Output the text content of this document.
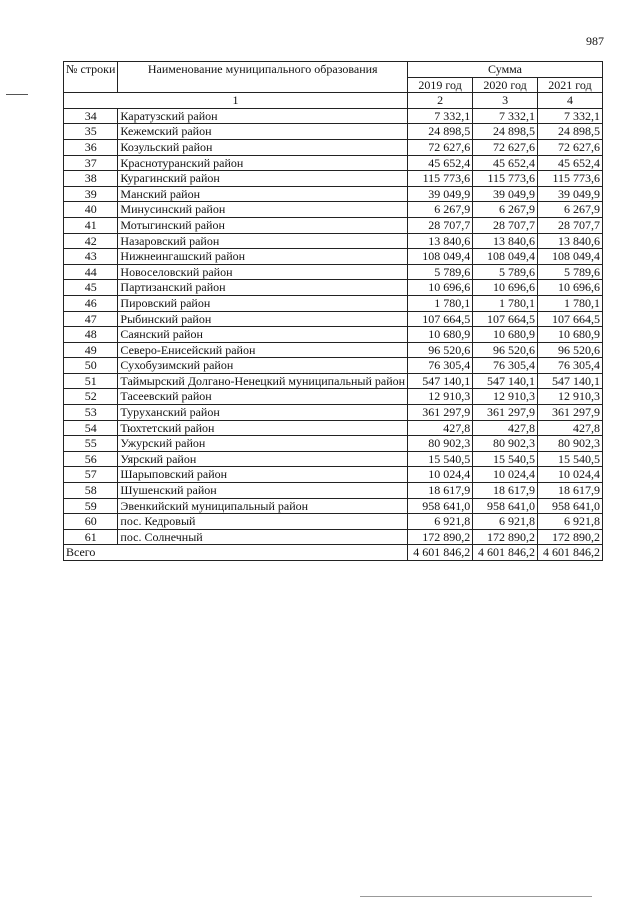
987
№ строки	Наименование муниципального образования	Сумма		
		2019 год	2020 год	2021 год
1		2	3	4
34	Каратузский район	7 332,1	7 332,1	7 332,1
35	Кежемский район	24 898,5	24 898,5	24 898,5
36	Козульский район	72 627,6	72 627,6	72 627,6
37	Краснотуранский район	45 652,4	45 652,4	45 652,4
38	Курагинский район	115 773,6	115 773,6	115 773,6
39	Манский район	39 049,9	39 049,9	39 049,9
40	Минусинский район	6 267,9	6 267,9	6 267,9
41	Мотыгинский район	28 707,7	28 707,7	28 707,7
42	Назаровский район	13 840,6	13 840,6	13 840,6
43	Нижнеингашский район	108 049,4	108 049,4	108 049,4
44	Новоселовский район	5 789,6	5 789,6	5 789,6
45	Партизанский район	10 696,6	10 696,6	10 696,6
46	Пировский район	1 780,1	1 780,1	1 780,1
47	Рыбинский район	107 664,5	107 664,5	107 664,5
48	Саянский район	10 680,9	10 680,9	10 680,9
49	Северо-Енисейский район	96 520,6	96 520,6	96 520,6
50	Сухобузимский район	76 305,4	76 305,4	76 305,4
51	Таймырский Долгано-Ненецкий муниципальный район	547 140,1	547 140,1	547 140,1
52	Тасеевский район	12 910,3	12 910,3	12 910,3
53	Туруханский район	361 297,9	361 297,9	361 297,9
54	Тюхтетский район	427,8	427,8	427,8
55	Ужурский район	80 902,3	80 902,3	80 902,3
56	Уярский район	15 540,5	15 540,5	15 540,5
57	Шарыповский район	10 024,4	10 024,4	10 024,4
58	Шушенский район	18 617,9	18 617,9	18 617,9
59	Эвенкийский муниципальный район	958 641,0	958 641,0	958 641,0
60	пос. Кедровый	6 921,8	6 921,8	6 921,8
61	пос. Солнечный	172 890,2	172 890,2	172 890,2
Всего		4 601 846,2	4 601 846,2	4 601 846,2
